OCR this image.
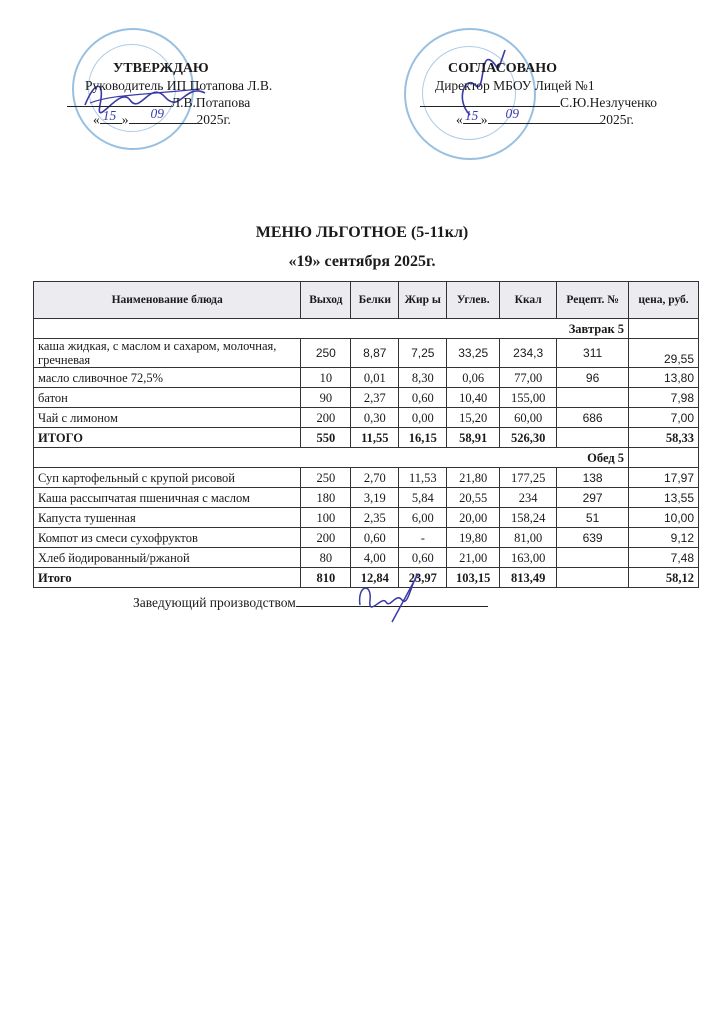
УТВЕРЖДАЮ
Руководитель ИП Потапова Л.В.
Л.В.Потапова
« 15 » 09 2025г.
СОГЛАСОВАНО
Директор МБОУ Лицей №1
С.Ю.Незлученко
« 15 » 09	2025г.
МЕНЮ ЛЬГОТНОЕ (5-11кл)
«19» сентября 2025г.
Наименование блюда	Выход	Белки	Жир ы	Углев.	Ккал	Рецепт. №	цена, руб.
Завтрак 5							
каша жидкая, с маслом и сахаром, молочная, гречневая	250	8,87	7,25	33,25	234,3	311	29,55
масло сливочное 72,5%	10	0,01	8,30	0,06	77,00	96	13,80
батон	90	2,37	0,60	10,40	155,00		7,98
Чай с лимоном	200	0,30	0,00	15,20	60,00	686	7,00
ИТОГО	550	11,55	16,15	58,91	526,30		58,33
Обед 5							
Суп картофельный с крупой рисовой	250	2,70	11,53	21,80	177,25	138	17,97
Каша рассыпчатая пшеничная с маслом	180	3,19	5,84	20,55	234	297	13,55
Капуста тушенная	100	2,35	6,00	20,00	158,24	51	10,00
Компот из смеси сухофруктов	200	0,60	-	19,80	81,00	639	9,12
Хлеб йодированный/ржаной	80	4,00	0,60	21,00	163,00		7,48
Итого	810	12,84	23,97	103,15	813,49		58,12
Заведующий производством
